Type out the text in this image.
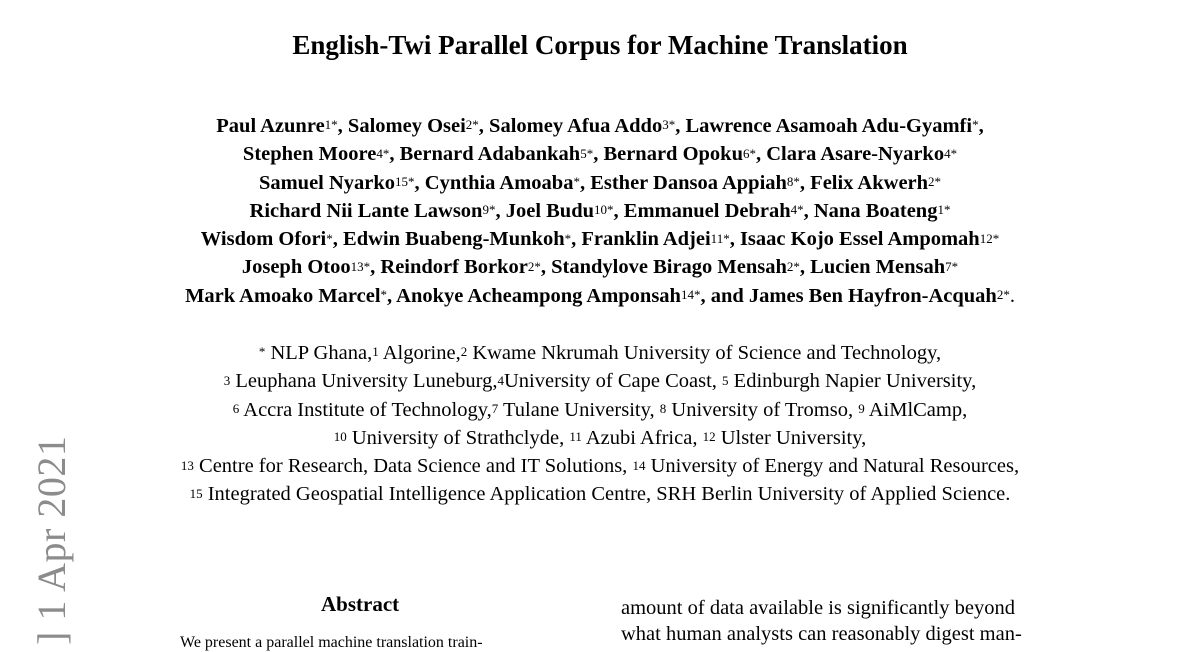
English-Twi Parallel Corpus for Machine Translation
Paul Azunre$^{1*}$, Salomey Osei$^{2*}$, Salomey Afua Addo$^{3*}$, Lawrence Asamoah Adu-Gyamfi*,
Stephen Moore$^{4*}$, Bernard Adabankah$^{5*}$, Bernard Opoku$^{6*}$, Clara Asare-Nyarko$^{4*}$
Samuel Nyarko$^{15*}$, Cynthia Amoaba*, Esther Dansoa Appiah$^{8*}$, Felix Akwerh$^{2*}$
Richard Nii Lante Lawson$^{9*}$, Joel Budu$^{10*}$, Emmanuel Debrah$^{4*}$, Nana Boateng$^{1*}$
Wisdom Ofori*, Edwin Buabeng-Munkoh*, Franklin Adjei$^{11*}$, Isaac Kojo Essel Ampomah$^{12*}$
Joseph Otoo$^{13*}$, Reindorf Borkor$^{2*}$, Standylove Birago Mensah$^{2*}$, Lucien Mensah$^{7*}$
Mark Amoako Marcel*, Anokye Acheampong Amponsah$^{14*}$, and James Ben Hayfron-Acquah$^{2*}$.
* NLP Ghana,$^1$ Algorine,$^2$ Kwame Nkrumah University of Science and Technology,
$^3$ Leuphana University Luneburg,$^4$University of Cape Coast, $^5$ Edinburgh Napier University,
$^6$ Accra Institute of Technology,$^7$ Tulane University, $^8$ University of Tromso, $^9$ AiMlCamp,
$^{10}$ University of Strathclyde, $^{11}$ Azubi Africa, $^{12}$ Ulster University,
$^{13}$ Centre for Research, Data Science and IT Solutions, $^{14}$ University of Energy and Natural Resources,
$^{15}$ Integrated Geospatial Intelligence Application Centre, SRH Berlin University of Applied Science.
] 1 Apr 2021	Abstract
We present a parallel machine translation train-
amount of data available is significantly beyond
what human analysts can reasonably digest man-
